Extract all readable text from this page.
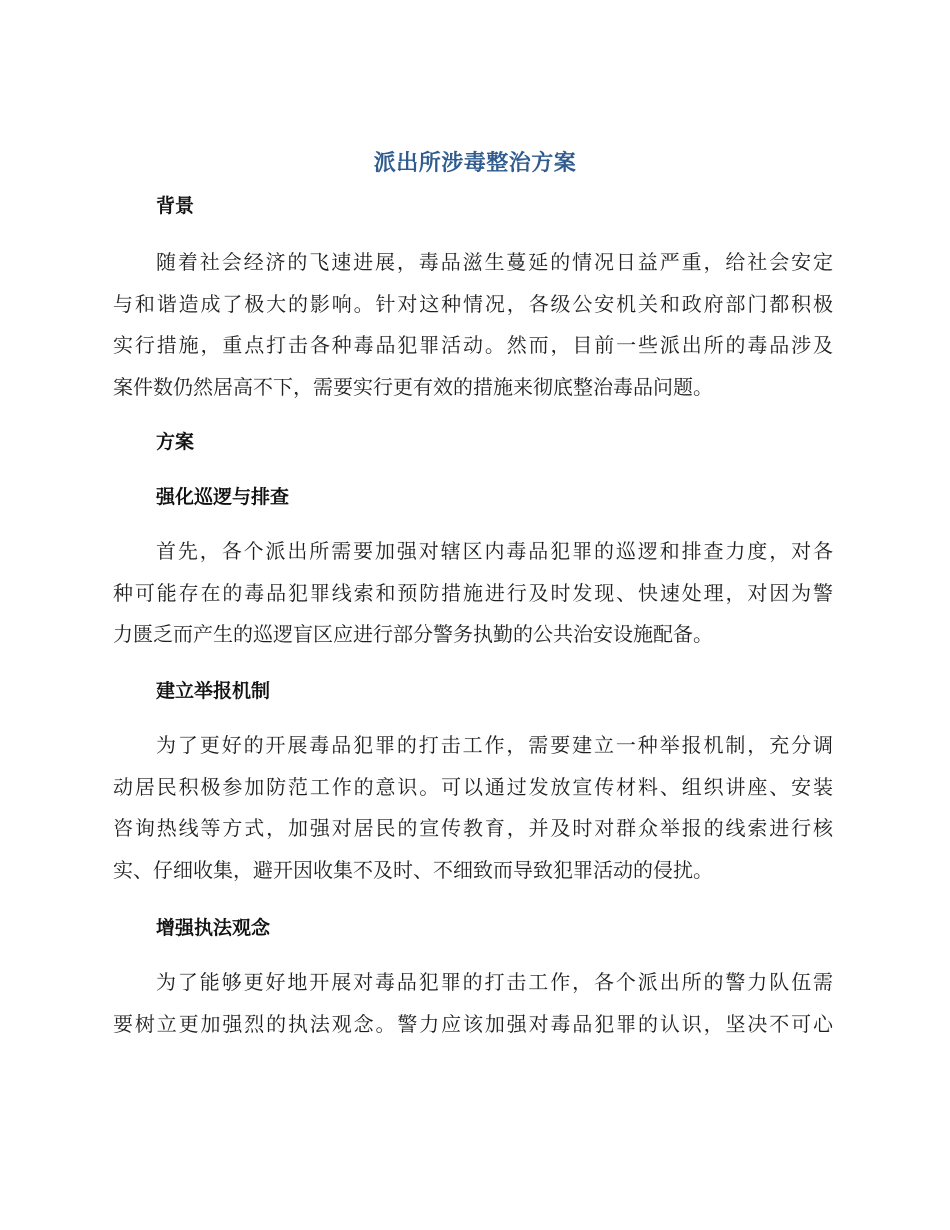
派出所涉毒整治方案
背景
随着社会经济的飞速进展，毒品滋生蔓延的情况日益严重，给社会安定
与和谐造成了极大的影响。针对这种情况，各级公安机关和政府部门都积极
实行措施，重点打击各种毒品犯罪活动。然而，目前一些派出所的毒品涉及
案件数仍然居高不下，需要实行更有效的措施来彻底整治毒品问题。
方案
强化巡逻与排查
首先，各个派出所需要加强对辖区内毒品犯罪的巡逻和排查力度，对各
种可能存在的毒品犯罪线索和预防措施进行及时发现、快速处理，对因为警
力匮乏而产生的巡逻盲区应进行部分警务执勤的公共治安设施配备。
建立举报机制
为了更好的开展毒品犯罪的打击工作，需要建立一种举报机制，充分调
动居民积极参加防范工作的意识。可以通过发放宣传材料、组织讲座、安装
咨询热线等方式，加强对居民的宣传教育，并及时对群众举报的线索进行核
实、仔细收集，避开因收集不及时、不细致而导致犯罪活动的侵扰。
增强执法观念
为了能够更好地开展对毒品犯罪的打击工作，各个派出所的警力队伍需
要树立更加强烈的执法观念。警力应该加强对毒品犯罪的认识，坚决不可心
